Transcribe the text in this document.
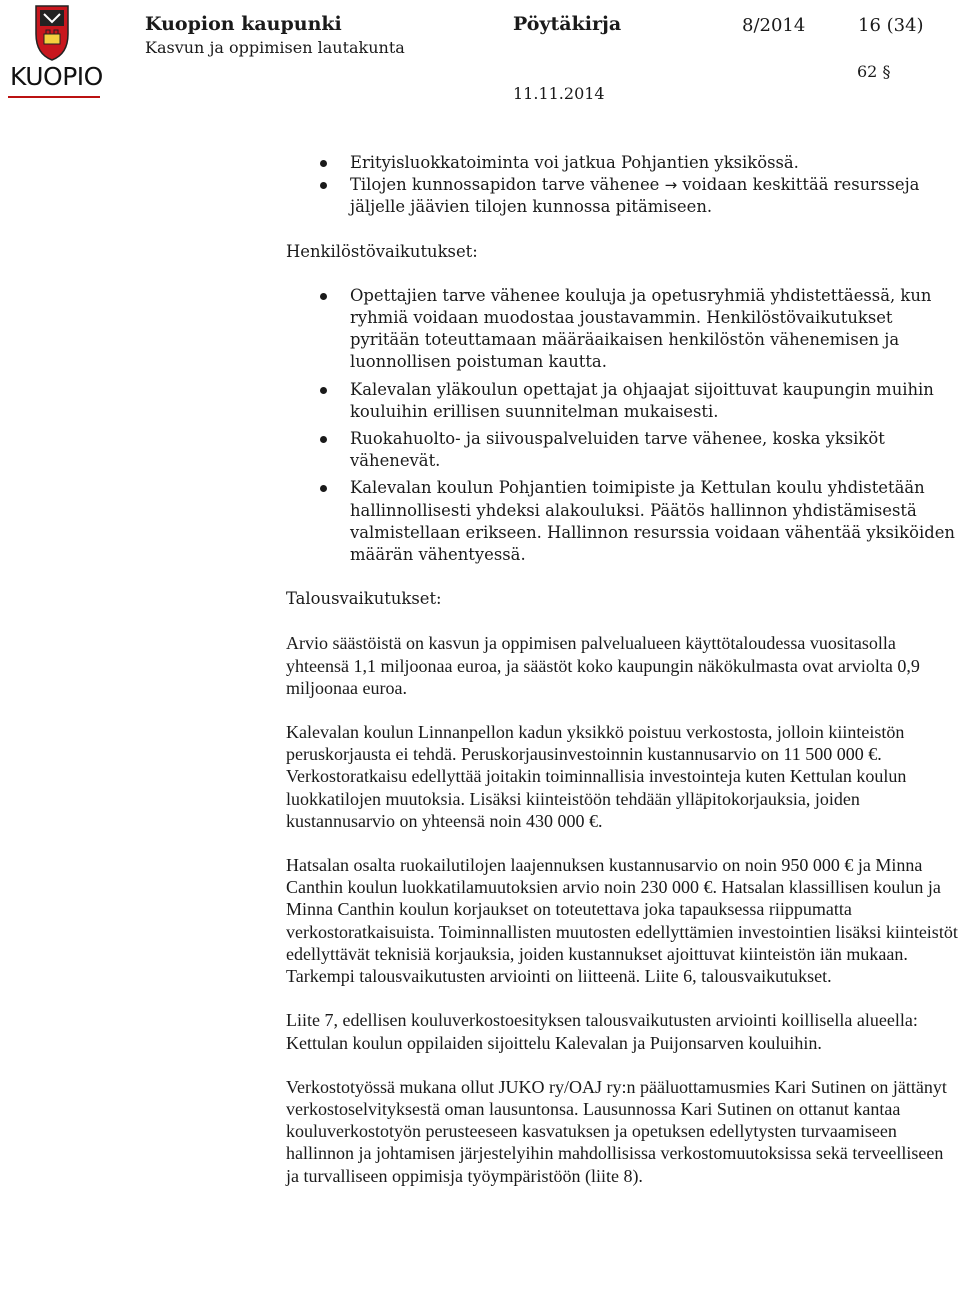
KUOPIO
Kuopion kaupunki
Kasvun ja oppimisen lautakunta
Pöytäkirja	8/2014	16 (34)
62 §
11.11.2014
Erityisluokkatoiminta voi jatkua Pohjantien yksikössä.
Tilojen kunnossapidon tarve vähenee → voidaan keskittää resursseja jäljelle jäävien tilojen kunnossa pitämiseen.

Henkilöstövaikutukset:

Opettajien tarve vähenee kouluja ja opetusryhmiä yhdistettäessä, kun ryhmiä voidaan muodostaa joustavammin. Henkilöstövaikutukset pyritään toteuttamaan määräaikaisen henkilöstön vähenemisen ja luonnollisen poistuman kautta.
Kalevalan yläkoulun opettajat ja ohjaajat sijoittuvat kaupungin muihin kouluihin erillisen suunnitelman mukaisesti.
Ruokahuolto- ja siivouspalveluiden tarve vähenee, koska yksiköt vähenevät.
Kalevalan koulun Pohjantien toimipiste ja Kettulan koulu yhdistetään hallinnollisesti yhdeksi alakouluksi. Päätös hallinnon yhdistämisestä valmistellaan erikseen. Hallinnon resurssia voidaan vähentää yksiköiden määrän vähentyessä.

Talousvaikutukset:

Arvio säästöistä on kasvun ja oppimisen palvelualueen käyttötaloudessa vuositasolla yhteensä 1,1 miljoonaa euroa, ja säästöt koko kaupungin näkökulmasta ovat arviolta 0,9 miljoonaa euroa.

Kalevalan koulun Linnanpellon kadun yksikkö poistuu verkostosta, jolloin kiinteistön peruskorjausta ei tehdä. Peruskorjausinvestoinnin kustannusarvio on 11 500 000 €. Verkostoratkaisu edellyttää joitakin toiminnallisia investointeja kuten Kettulan koulun luokkatilojen muutoksia. Lisäksi kiinteistöön tehdään ylläpitokorjauksia, joiden kustannusarvio on yhteensä noin 430 000 €.

Hatsalan osalta ruokailutilojen laajennuksen kustannusarvio on noin 950 000 € ja Minna Canthin koulun luokkatilamuutoksien arvio noin 230 000 €. Hatsalan klassillisen koulun ja Minna Canthin koulun korjaukset on toteutettava joka tapauksessa riippumatta verkostoratkaisuista. Toiminnallisten muutosten edellyttämien investointien lisäksi kiinteistöt edellyttävät teknisiä korjauksia, joiden kustannukset ajoittuvat kiinteistön iän mukaan. Tarkempi talousvaikutusten arviointi on liitteenä. Liite 6, talousvaikutukset.

Liite 7, edellisen kouluverkostoesityksen talousvaikutusten arviointi koillisella alueella: Kettulan koulun oppilaiden sijoittelu Kalevalan ja Puijonsarven kouluihin.

Verkostotyössä mukana ollut JUKO ry/OAJ ry:n pääluottamusmies Kari Sutinen on jättänyt verkostoselvityksestä oman lausuntonsa. Lausunnossa Kari Sutinen on ottanut kantaa kouluverkostotyön perusteeseen kasvatuksen ja opetuksen edellytysten turvaamiseen hallinnon ja johtamisen järjestelyihin mahdollisissa verkostomuutoksissa sekä terveelliseen ja turvalliseen oppimisja työympäristöön (liite 8).
